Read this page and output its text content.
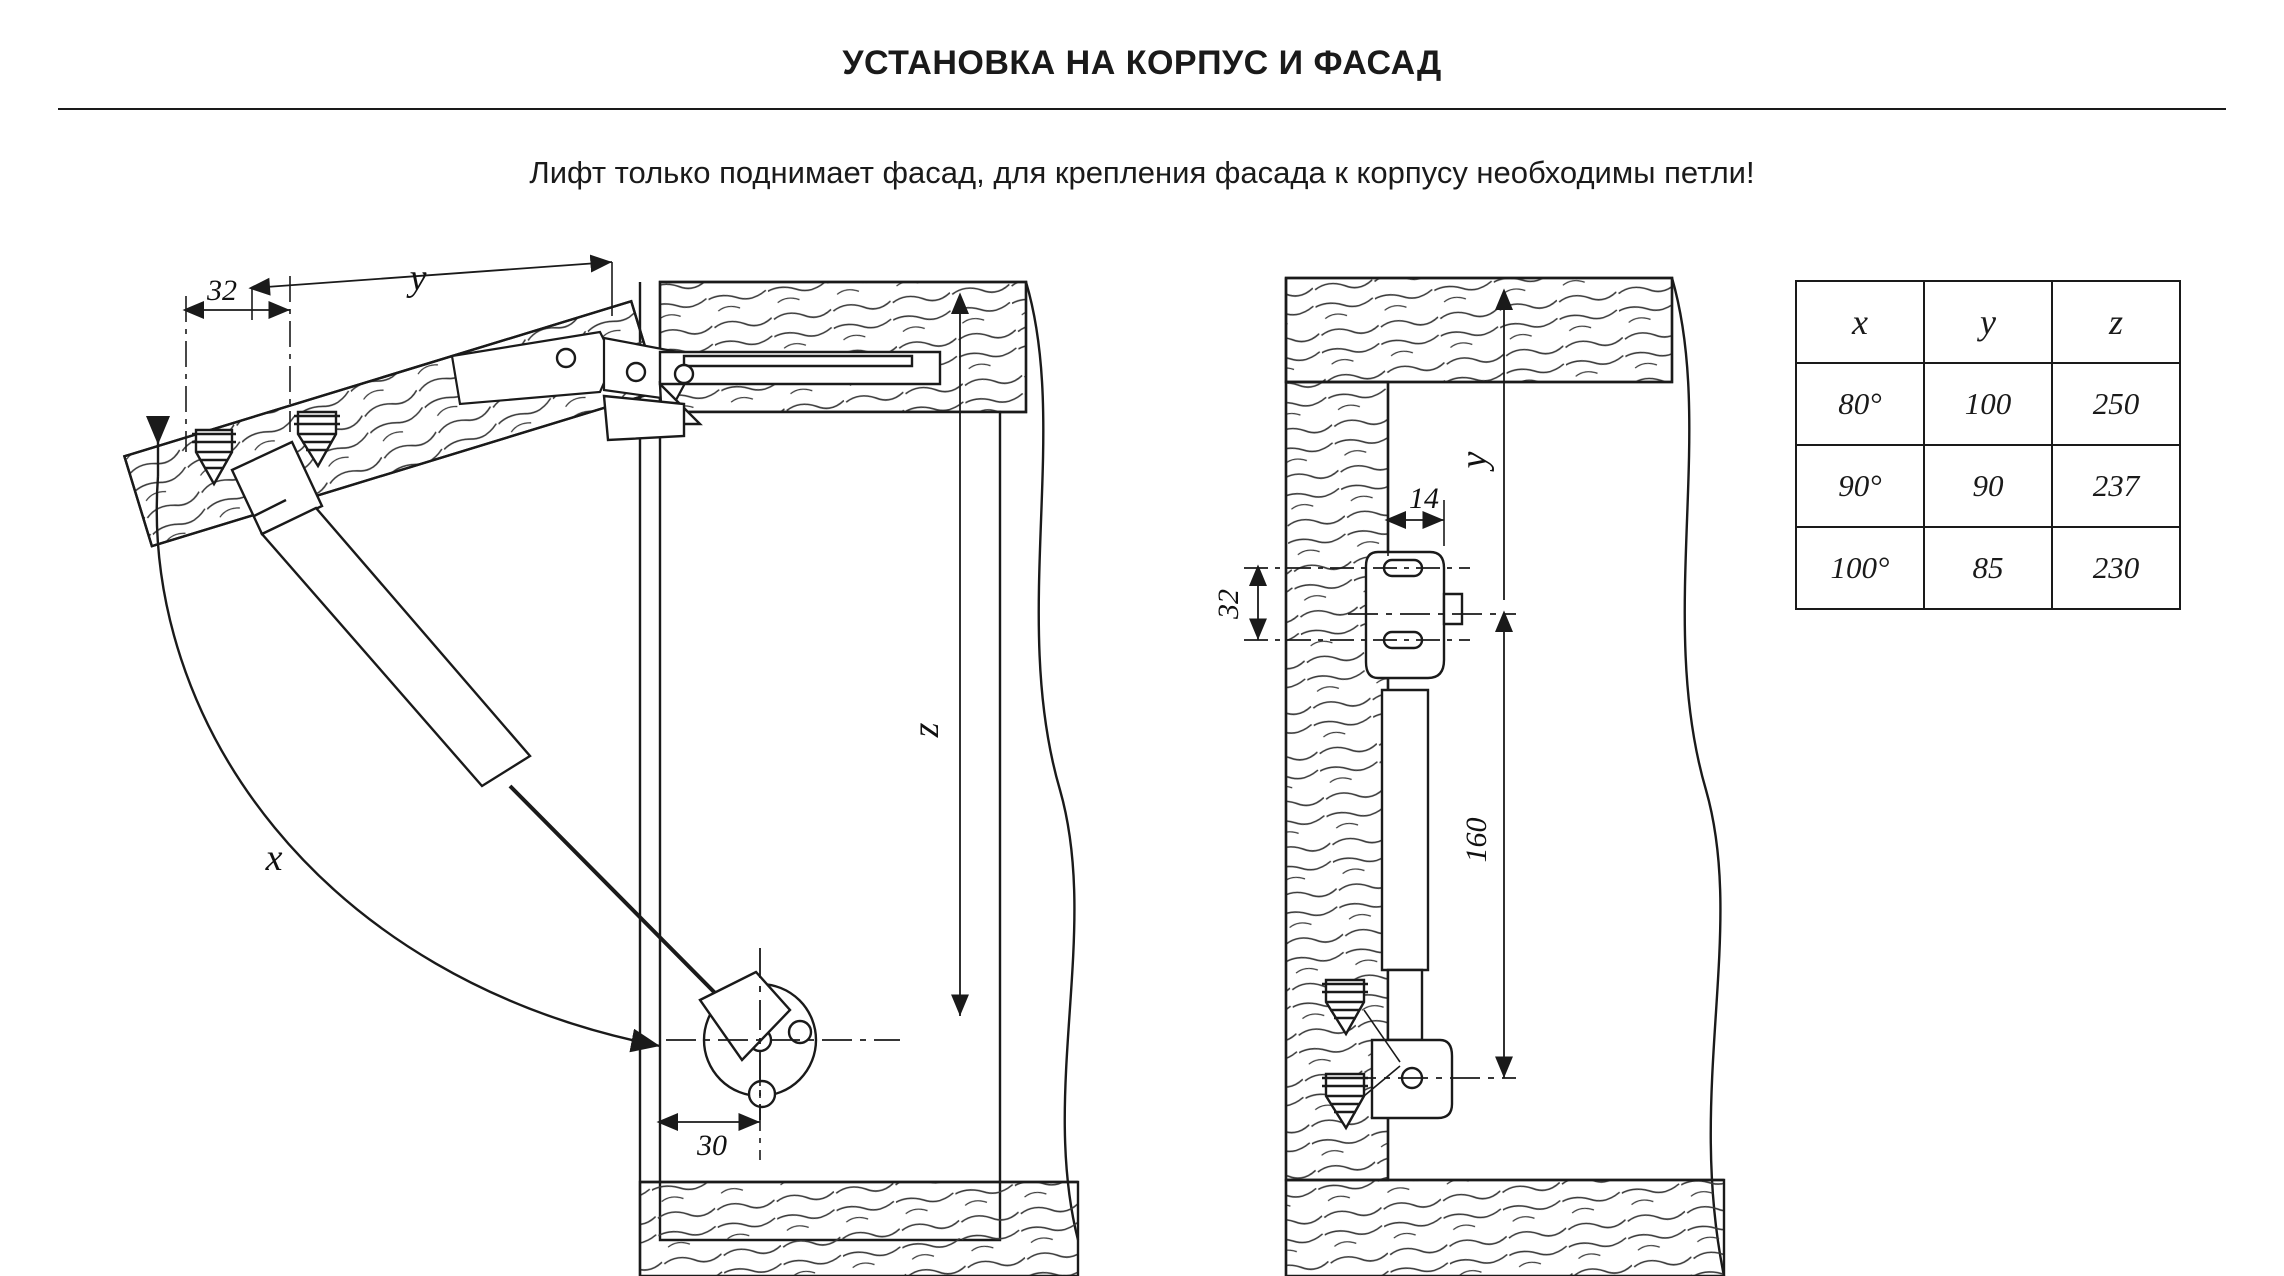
УСТАНОВКА НА КОРПУС И ФАСАД
Лифт только поднимает фасад, для крепления фасада к корпусу необходимы петли!
32	y
z
x
30
14
32
160
y
x	y	z
80°	100	250
90°	90	237
100°	85	230
